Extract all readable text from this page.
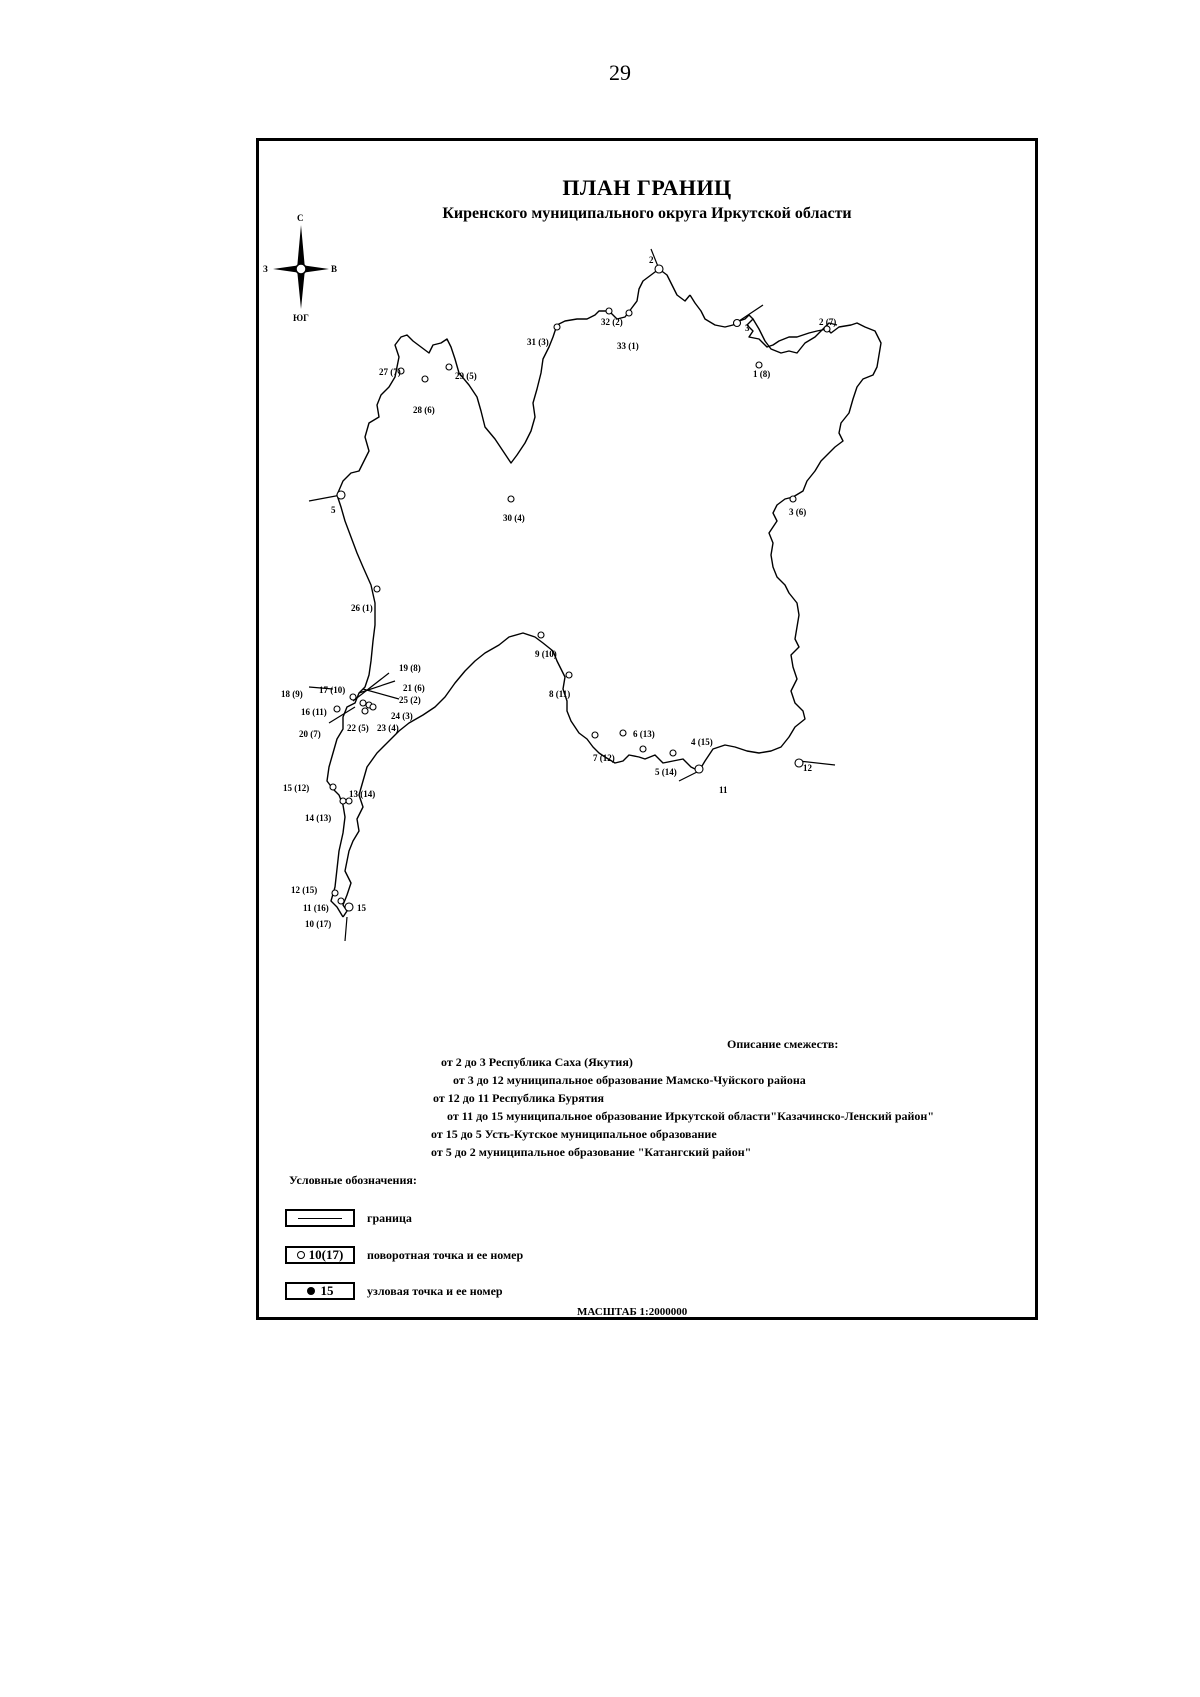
29
ПЛАН ГРАНИЦ
Киренского муниципального округа Иркутской области
С
ЮГ
З	В
2
3
2 (7)
1 (8)
32 (2)
33 (1)
31 (3)
27 (7)	29 (5)
28 (6)
30 (4)
5	3 (6)
26 (1)
9 (10)
8 (11)
19 (8)
21 (6)
25 (2)
24 (3)
23 (4)
22 (5)
18 (9) 17 (10)
16 (11)
20 (7)	6 (13)
4 (15)
7 (12)
5 (14)
11
12
15 (12)
13 (14)
14 (13)
12 (15)
11 (16)	15
10 (17)
Описание смежеств:
от 2 до 3 Республика Саха (Якутия)
от 3 до 12 муниципальное образование Мамско-Чуйского района
от 12 до 11 Республика Бурятия
от 11 до 15 муниципальное образование Иркутской области"Казачинско-Ленский район"
от 15 до 5 Усть-Кутское муниципальное образование
от 5 до 2 муниципальное образование "Катангский район"
Условные обозначения:
граница
10(17) поворотная точка и ее номер
15	узловая точка и ее номер
МАСШТАБ 1:2000000
